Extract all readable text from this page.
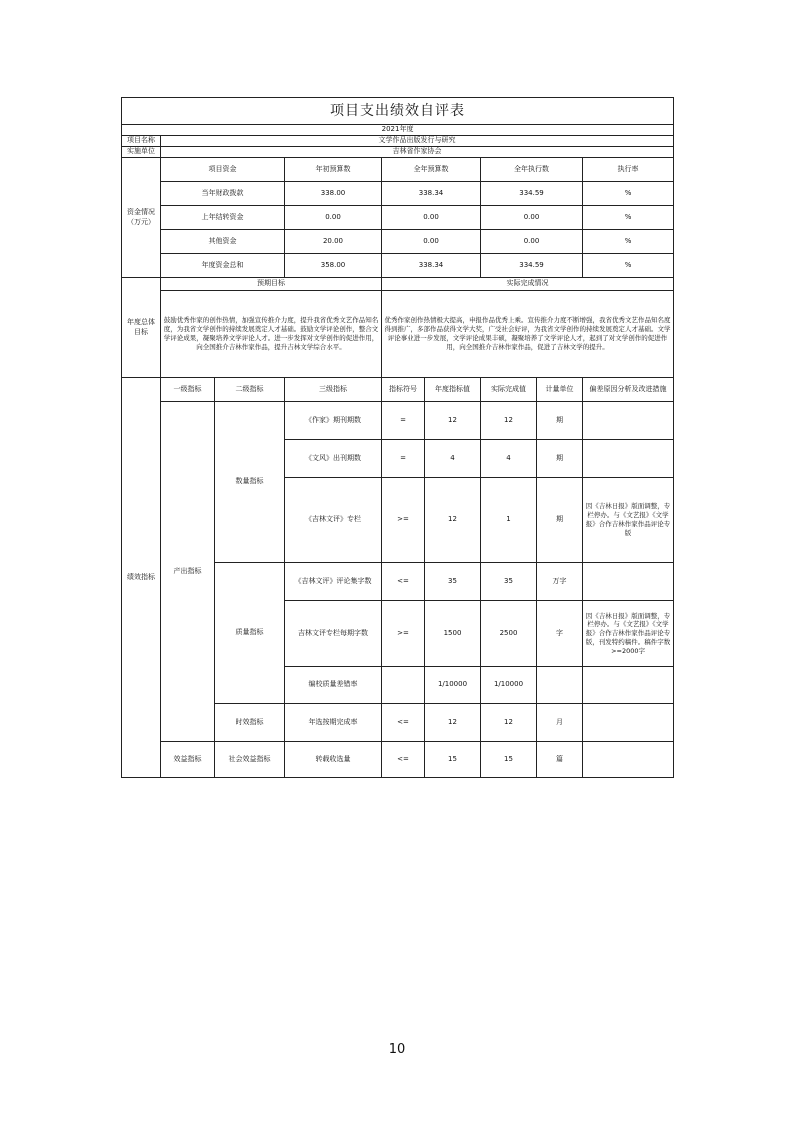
项目支出绩效自评表								
2021年度								
项目名称	文学作品出版发行与研究							
实施单位	吉林省作家协会							
资金情况（万元）	项目资金		年初预算数	全年预算数		全年执行数		执行率
	当年财政拨款		338.00	338.34		334.59		%
	上年结转资金		0.00	0.00		0.00		%
	其他资金		20.00	0.00		0.00		%
	年度资金总和		358.00	338.34		334.59		%
年度总体目标	预期目标			实际完成情况				
	鼓励优秀作家的创作热情，加强宣传推介力度，提升我省优秀文艺作品知名度，为我省文学创作的持续发展奠定人才基础。鼓励文学评论创作，整合文学评论成果，凝聚培养文学评论人才。进一步发挥对文学创作的促进作用，向全国推介吉林作家作品，提升吉林文学综合水平。			优秀作家创作热情极大提高，申报作品优秀上乘。宣传推介力度不断增强，我省优秀文艺作品知名度得到推广，多部作品获得文学大奖，广受社会好评，为我省文学创作的持续发展奠定人才基础。文学评论事业进一步发展，文学评论成果丰硕，凝聚培养了文学评论人才，起到了对文学创作的促进作用，向全国推介吉林作家作品，促进了吉林文学的提升。				
绩效指标	一级指标	二级指标	三级指标	指标符号	年度指标值	实际完成值	计量单位	偏差原因分析及改进措施
	产出指标	数量指标	《作家》期刊期数	=	12	12	期	
			《文风》出刊期数	=	4	4	期	
			《吉林文评》专栏	>=	12	1	期	因《吉林日报》版面调整，专栏停办。与《文艺报》《文学报》合作吉林作家作品评论专版
		质量指标	《吉林文评》评论集字数	<=	35	35	万字	
			吉林文评专栏每期字数	>=	1500	2500	字	因《吉林日报》版面调整，专栏停办。与《文艺报》《文学报》合作吉林作家作品评论专版，刊发特约稿件。稿件字数>=2000字
			编校质量差错率		1/10000	1/10000		
		时效指标	年选按期完成率	<=	12	12	月	
	效益指标	社会效益指标	转载收选量	<=	15	15	篇	
10
